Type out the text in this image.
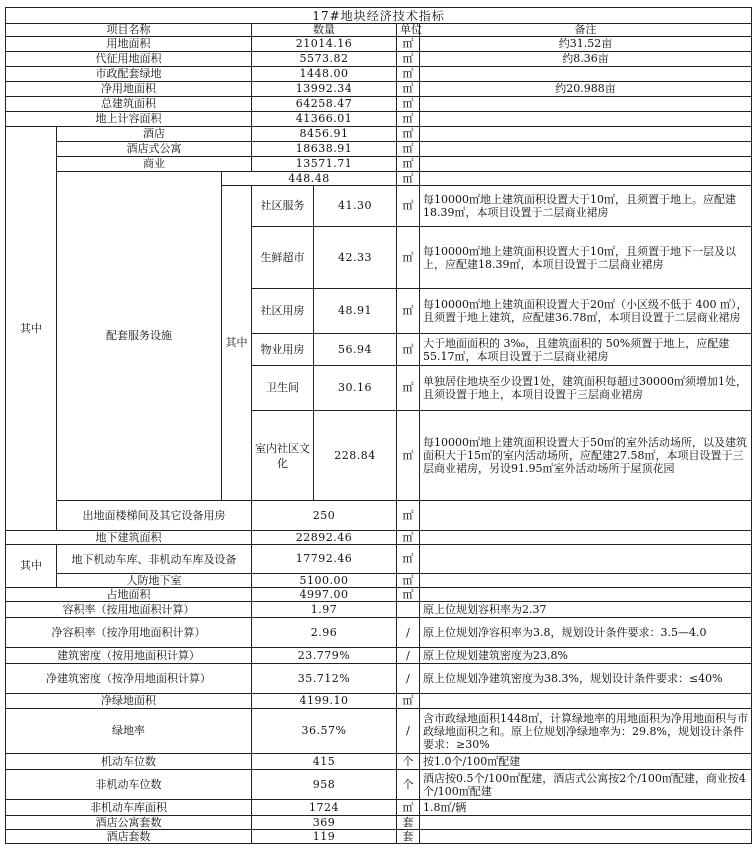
17#地块经济技术指标						
项目名称			数量		单位	备注
用地面积			21014.16		㎡	约31.52亩
代征用地面积			5573.82		㎡	约8.36亩
市政配套绿地			1448.00		㎡	
净用地面积			13992.34		㎡	约20.988亩
总建筑面积			64258.47		㎡	
地上计容面积			41366.01		㎡	
其中	酒店		8456.91		㎡	
	酒店式公寓		18638.91		㎡	
	商业		13571.71		㎡	
	配套服务设施	448.48			㎡	
		其中	社区服务	41.30	㎡	每10000㎡地上建筑面积设置大于10㎡，且须置于地上。应配建18.39㎡，本项目设置于二层商业裙房
			生鲜超市	42.33	㎡	每10000㎡地上建筑面积设置大于10㎡，且须置于地下一层及以上，应配建18.39㎡，本项目设置于二层商业裙房
			社区用房	48.91	㎡	每10000㎡地上建筑面积设置大于20㎡（小区级不低于 400 ㎡），且须置于地上建筑，应配建36.78㎡，本项目设置于二层商业裙房
			物业用房	56.94	㎡	大于地面面积的 3‰，且建筑面积的 50%须置于地上，应配建55.17㎡，本项目设置于二层商业裙房
			卫生间	30.16	㎡	单独居住地块至少设置1处，建筑面积每超过30000㎡须增加1处，且须设置于地上，本项目设置于三层商业裙房
			室内社区文化	228.84	㎡	每10000㎡地上建筑面积设置大于50㎡的室外活动场所，以及建筑面积大于15㎡的室内活动场所，应配建27.58㎡，本项目设置于三层商业裙房，另设91.95㎡室外活动场所于屋顶花园
	出地面楼梯间及其它设备用房		250		㎡	
地下建筑面积			22892.46		㎡	
其中	地下机动车库、非机动车库及设备		17792.46		㎡	
	人防地下室		5100.00		㎡	
占地面积			4997.00		㎡	
容积率（按用地面积计算）			1.97			原上位规划容积率为2.37
净容积率（按净用地面积计算）			2.96		/	原上位规划净容积率为3.8，规划设计条件要求：3.5—4.0
建筑密度（按用地面积计算）			23.779%		/	原上位规划建筑密度为23.8%
净建筑密度（按净用地面积计算）			35.712%		/	原上位规划净建筑密度为38.3%，规划设计条件要求：≤40%
净绿地面积			4199.10		㎡	
绿地率			36.57%		/	含市政绿地面积1448㎡，计算绿地率的用地面积为净用地面积与市政绿地面积之和。原上位规划净绿地率为：29.8%，规划设计条件要求：≥30%
机动车位数			415		个	按1.0个/100㎡配建
非机动车位数			958		个	酒店按0.5个/100㎡配建，酒店式公寓按2个/100㎡配建，商业按4个/100㎡配建
非机动车库面积			1724		㎡	1.8㎡/辆
酒店公寓套数			369		套	
酒店套数			119		套	
